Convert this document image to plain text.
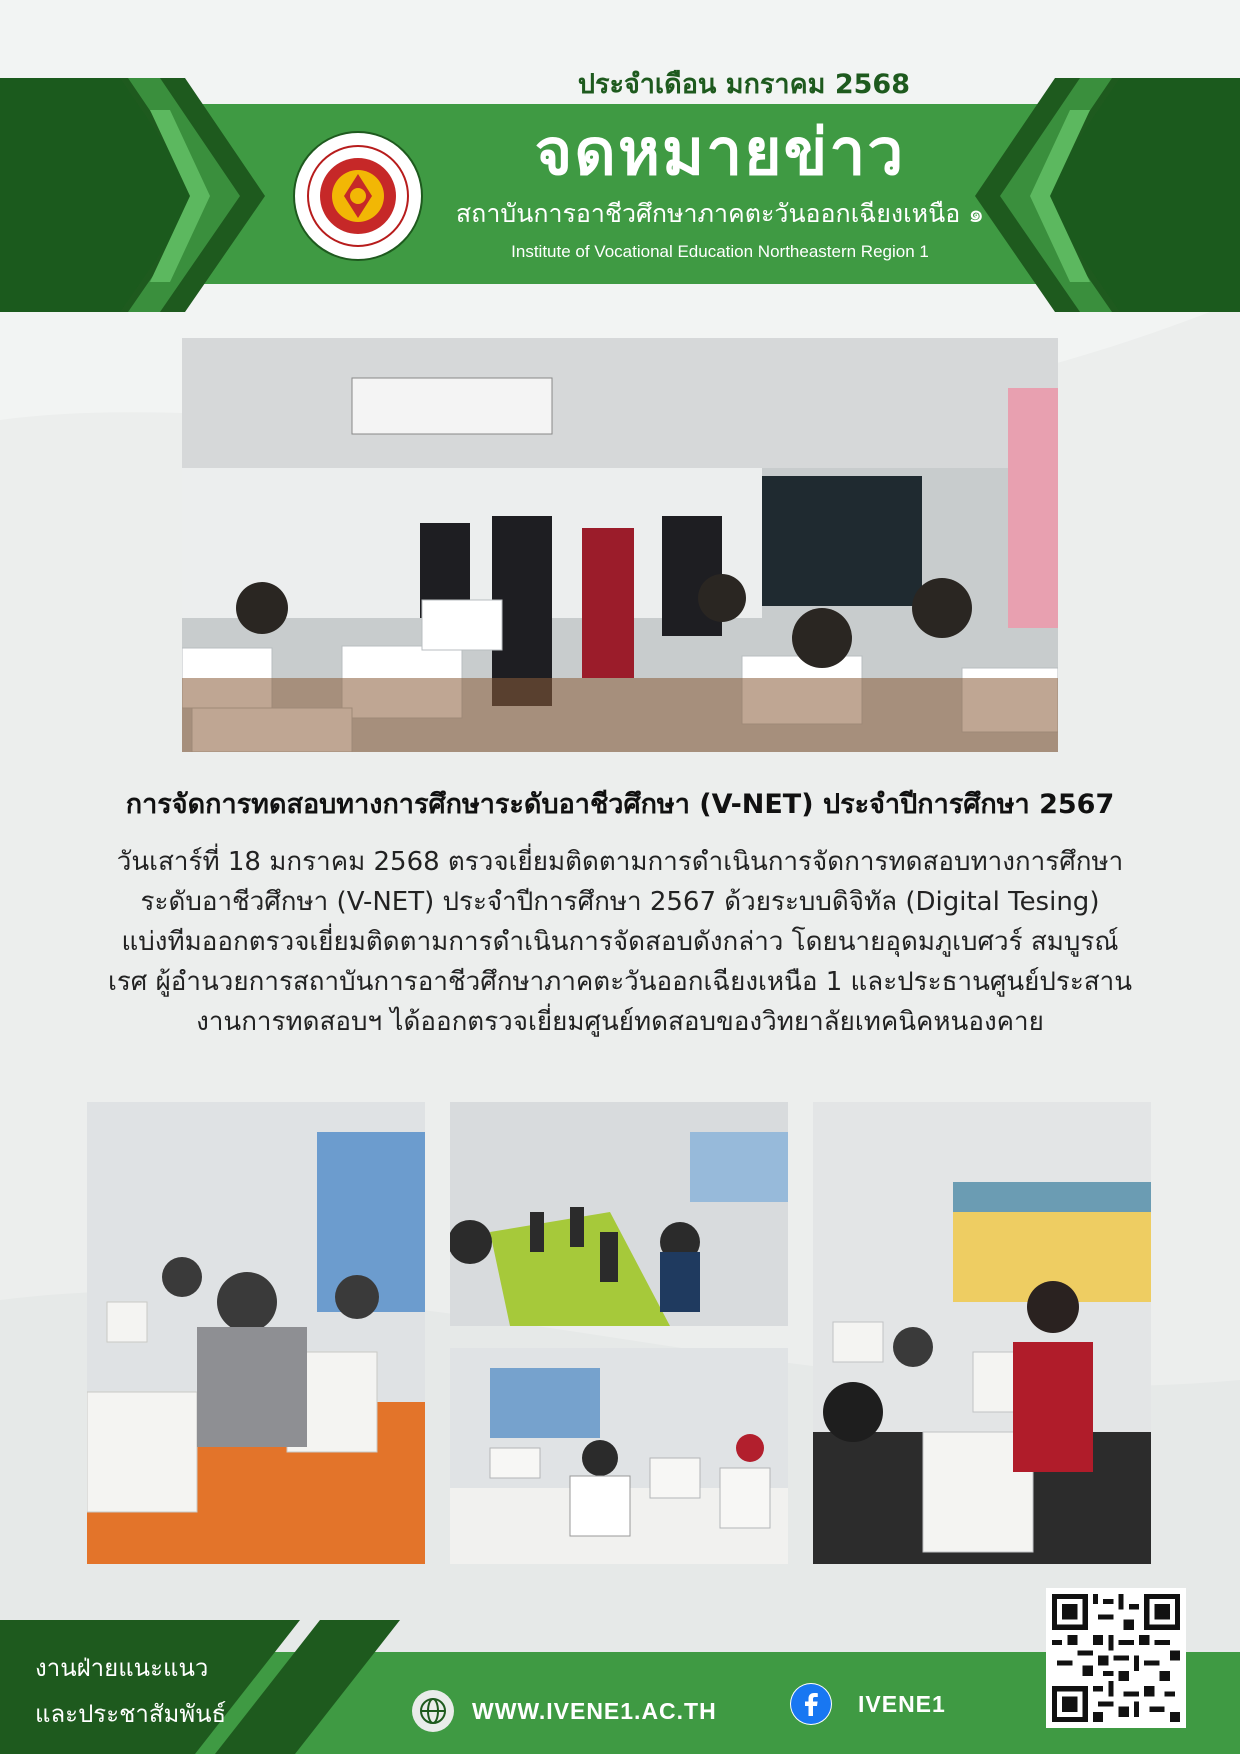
ประจำเดือน มกราคม 2568
จดหมายข่าว
สถาบันการอาชีวศึกษาภาคตะวันออกเฉียงเหนือ ๑
Institute of Vocational Education Northeastern Region 1
การจัดการทดสอบทางการศึกษาระดับอาชีวศึกษา (V-NET) ประจำปีการศึกษา 2567
วันเสาร์ที่ 18 มกราคม 2568 ตรวจเยี่ยมติดตามการดำเนินการจัดการทดสอบทางการศึกษา
ระดับอาชีวศึกษา (V-NET) ประจำปีการศึกษา 2567 ด้วยระบบดิจิทัล (Digital Tesing)
แบ่งทีมออกตรวจเยี่ยมติดตามการดำเนินการจัดสอบดังกล่าว โดยนายอุดมภูเบศวร์ สมบูรณ์
เรศ ผู้อำนวยการสถาบันการอาชีวศึกษาภาคตะวันออกเฉียงเหนือ 1 และประธานศูนย์ประสาน
งานการทดสอบฯ ได้ออกตรวจเยี่ยมศูนย์ทดสอบของวิทยาลัยเทคนิคหนองคาย
งานฝ่ายแนะแนว
และประชาสัมพันธ์	WWW.IVENE1.AC.TH	IVENE1
